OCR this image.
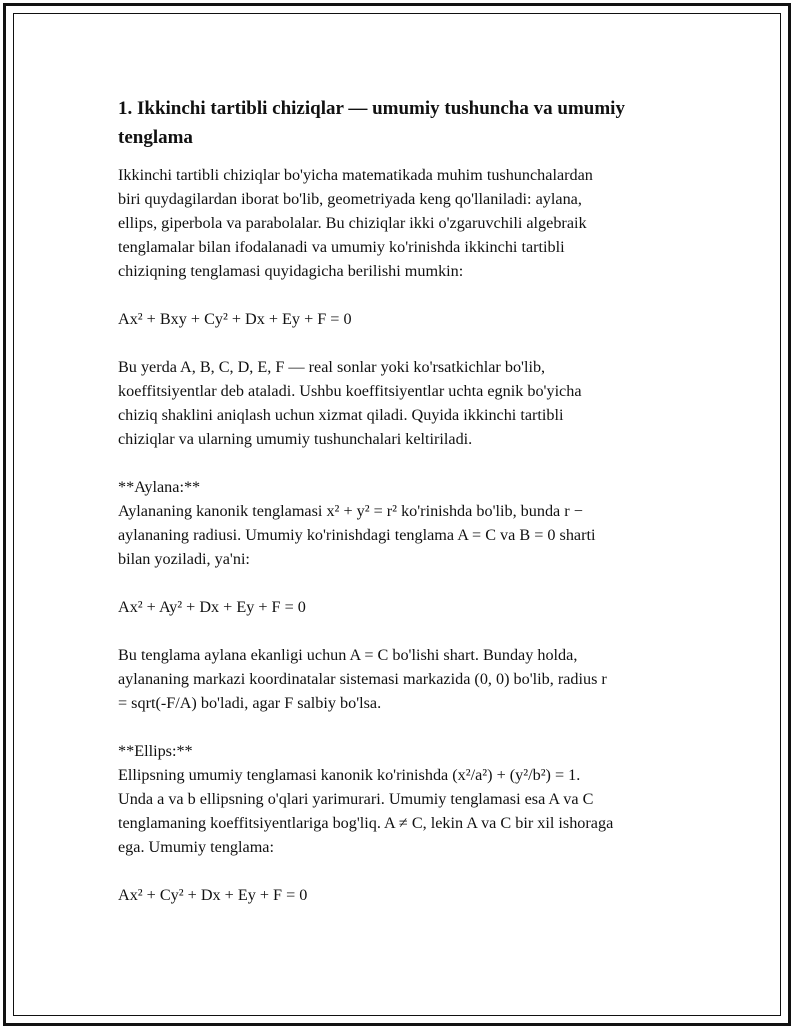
1. Ikkinchi tartibli chiziqlar — umumiy tushuncha va umumiy
tenglama
Ikkinchi tartibli chiziqlar bo'yicha matematikada muhim tushunchalardan
biri quydagilardan iborat bo'lib, geometriyada keng qo'llaniladi: aylana,
ellips, giperbola va parabolalar. Bu chiziqlar ikki o'zgaruvchili algebraik
tenglamalar bilan ifodalanadi va umumiy ko'rinishda ikkinchi tartibli
chiziqning tenglamasi quyidagicha berilishi mumkin:
Ax² + Bxy + Cy² + Dx + Ey + F = 0
Bu yerda A, B, C, D, E, F — real sonlar yoki ko'rsatkichlar bo'lib,
koeffitsiyentlar deb ataladi. Ushbu koeffitsiyentlar uchta egnik bo'yicha
chiziq shaklini aniqlash uchun xizmat qiladi. Quyida ikkinchi tartibli
chiziqlar va ularning umumiy tushunchalari keltiriladi.
**Aylana:**
Aylananing kanonik tenglamasi x² + y² = r² ko'rinishda bo'lib, bunda r −
aylananing radiusi. Umumiy ko'rinishdagi tenglama A = C va B = 0 sharti
bilan yoziladi, ya'ni:
Ax² + Ay² + Dx + Ey + F = 0
Bu tenglama aylana ekanligi uchun A = C bo'lishi shart. Bunday holda,
aylananing markazi koordinatalar sistemasi markazida (0, 0) bo'lib, radius r
= sqrt(-F/A) bo'ladi, agar F salbiy bo'lsa.
**Ellips:**
Ellipsning umumiy tenglamasi kanonik ko'rinishda (x²/a²) + (y²/b²) = 1.
Unda a va b ellipsning o'qlari yarimurari. Umumiy tenglamasi esa A va C
tenglamaning koeffitsiyentlariga bog'liq. A ≠ C, lekin A va C bir xil ishoraga
ega. Umumiy tenglama:
Ax² + Cy² + Dx + Ey + F = 0
